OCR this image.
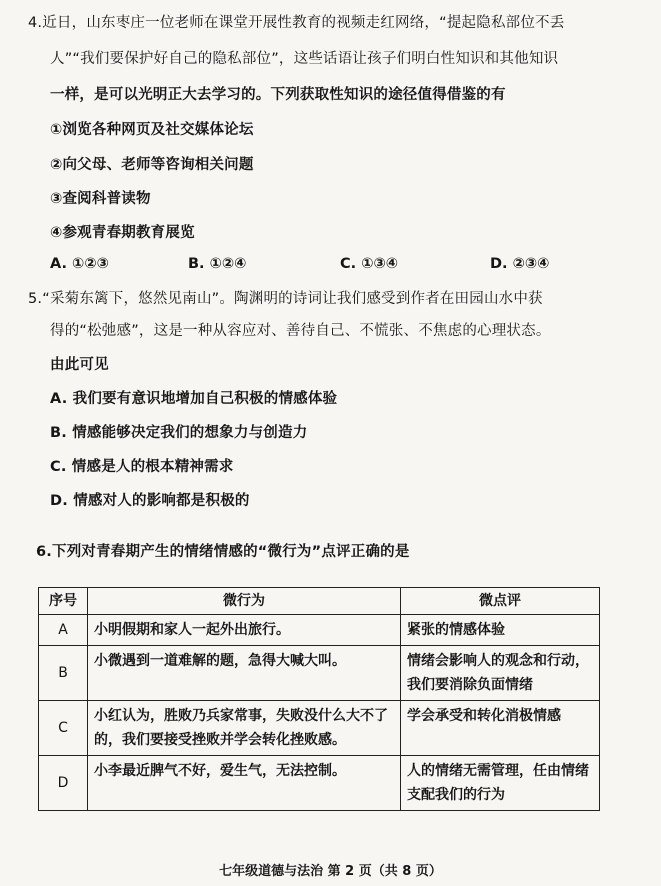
4.近日，山东枣庄一位老师在课堂开展性教育的视频走红网络，“提起隐私部位不丢
人”“我们要保护好自己的隐私部位”，这些话语让孩子们明白性知识和其他知识
一样，是可以光明正大去学习的。下列获取性知识的途径值得借鉴的有
①浏览各种网页及社交媒体论坛
②向父母、老师等咨询相关问题
③查阅科普读物
④参观青春期教育展览
A. ①②③	B. ①②④	C. ①③④	D. ②③④
5.“采菊东篱下，悠然见南山”。陶渊明的诗词让我们感受到作者在田园山水中获
得的“松弛感”，这是一种从容应对、善待自己、不慌张、不焦虑的心理状态。
由此可见
A. 我们要有意识地增加自己积极的情感体验
B. 情感能够决定我们的想象力与创造力
C. 情感是人的根本精神需求
D. 情感对人的影响都是积极的
6.下列对青春期产生的情绪情感的“微行为”点评正确的是
序号	微行为	微点评
A	小明假期和家人一起外出旅行。	紧张的情感体验
B	小微遇到一道难解的题，急得大喊大叫。	情绪会影响人的观念和行动，我们要消除负面情绪
C	小红认为，胜败乃兵家常事，失败没什么大不了的，我们要接受挫败并学会转化挫败感。	学会承受和转化消极情感
D	小李最近脾气不好，爱生气，无法控制。	人的情绪无需管理，任由情绪支配我们的行为
七年级道德与法治 第 2 页（共 8 页）
